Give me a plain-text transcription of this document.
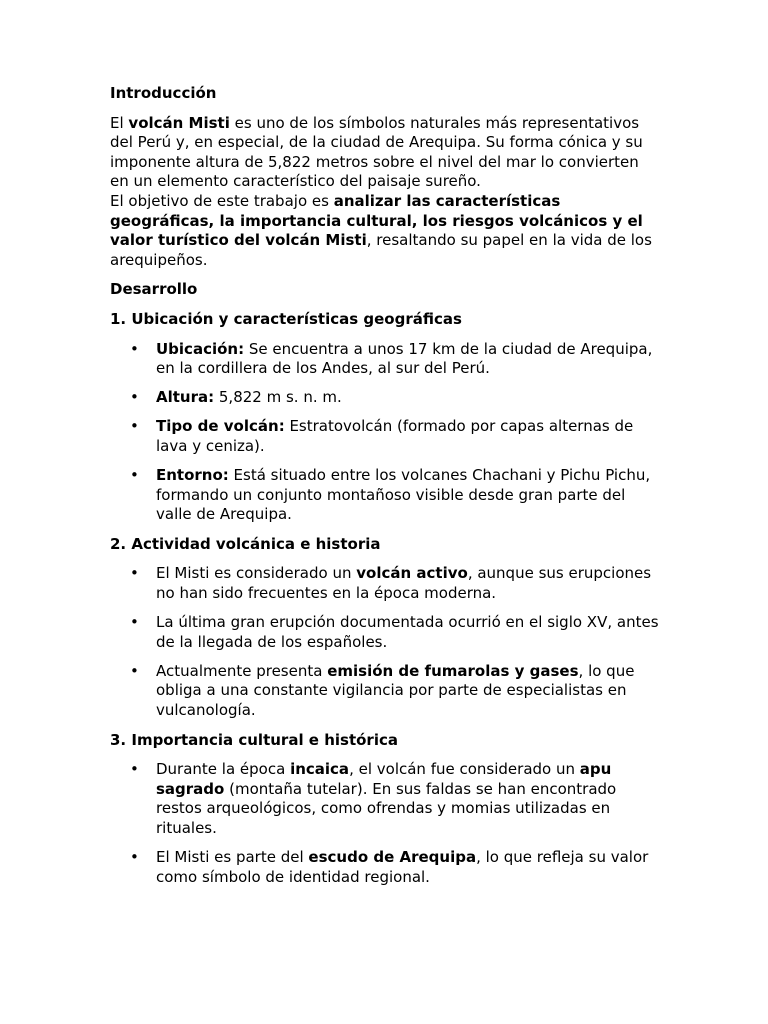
Introducción
El volcán Misti es uno de los símbolos naturales más representativos del Perú y, en especial, de la ciudad de Arequipa. Su forma cónica y su imponente altura de 5,822 metros sobre el nivel del mar lo convierten en un elemento característico del paisaje sureño.
El objetivo de este trabajo es analizar las características geográficas, la importancia cultural, los riesgos volcánicos y el valor turístico del volcán Misti, resaltando su papel en la vida de los arequipeños.
Desarrollo
1. Ubicación y características geográficas
• Ubicación: Se encuentra a unos 17 km de la ciudad de Arequipa, en la cordillera de los Andes, al sur del Perú.
• Altura: 5,822 m s. n. m.
• Tipo de volcán: Estratovolcán (formado por capas alternas de lava y ceniza).
• Entorno: Está situado entre los volcanes Chachani y Pichu Pichu, formando un conjunto montañoso visible desde gran parte del valle de Arequipa.
2. Actividad volcánica e historia
• El Misti es considerado un volcán activo, aunque sus erupciones no han sido frecuentes en la época moderna.
• La última gran erupción documentada ocurrió en el siglo XV, antes de la llegada de los españoles.
• Actualmente presenta emisión de fumarolas y gases, lo que obliga a una constante vigilancia por parte de especialistas en vulcanología.
3. Importancia cultural e histórica
• Durante la época incaica, el volcán fue considerado un apu sagrado (montaña tutelar). En sus faldas se han encontrado restos arqueológicos, como ofrendas y momias utilizadas en rituales.
• El Misti es parte del escudo de Arequipa, lo que refleja su valor como símbolo de identidad regional.
